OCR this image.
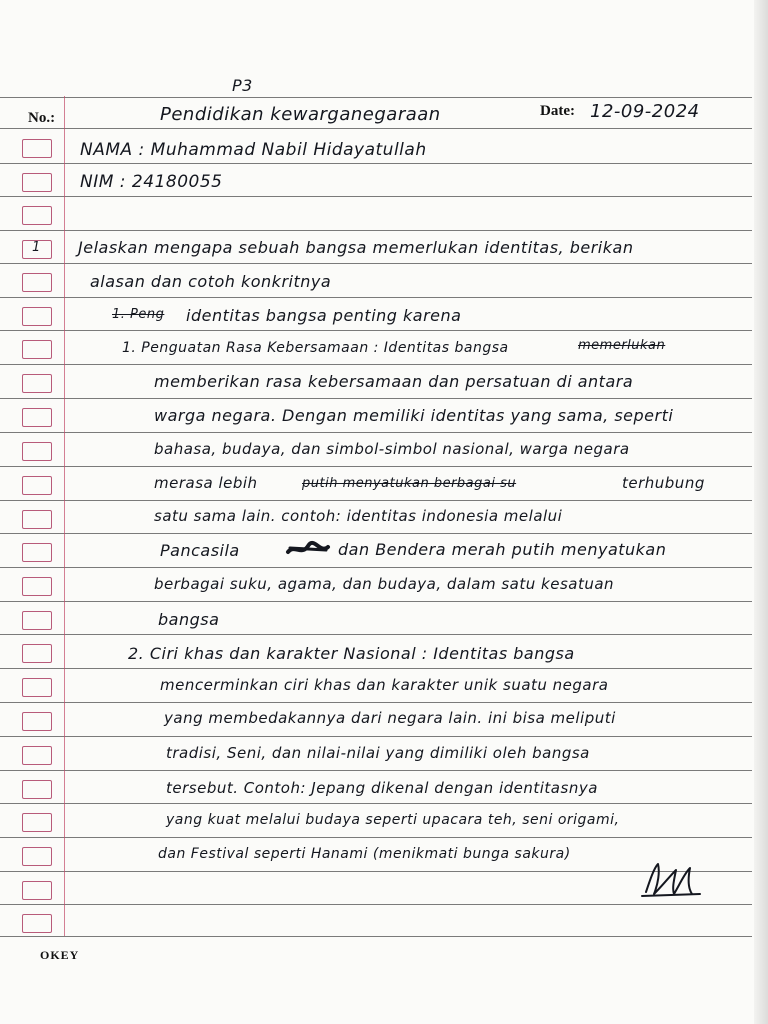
No.:	Date:
OKEY
P3
Pendidikan kewarganegaraan	12-09-2024
NAMA : Muhammad Nabil Hidayatullah
NIM : 24180055
1 Jelaskan mengapa sebuah bangsa memerlukan identitas, berikan
alasan dan cotoh konkritnya
1. Peng identitas bangsa penting karena
1. Penguatan Rasa Kebersamaan : Identitas bangsa	memerlukan
memberikan rasa kebersamaan dan persatuan di antara
warga negara. Dengan memiliki identitas yang sama, seperti
bahasa, budaya, dan simbol-simbol nasional, warga negara
merasa lebih	putih menyatukan berbagai su	terhubung
satu sama lain. contoh: identitas indonesia melalui
Pancasila	dan Bendera merah putih menyatukan
berbagai suku, agama, dan budaya, dalam satu kesatuan
bangsa
2. Ciri khas dan karakter Nasional : Identitas bangsa
mencerminkan ciri khas dan karakter unik suatu negara
yang membedakannya dari negara lain. ini bisa meliputi
tradisi, Seni, dan nilai-nilai yang dimiliki oleh bangsa
tersebut. Contoh: Jepang dikenal dengan identitasnya
yang kuat melalui budaya seperti upacara teh, seni origami,
dan Festival seperti Hanami (menikmati bunga sakura)
